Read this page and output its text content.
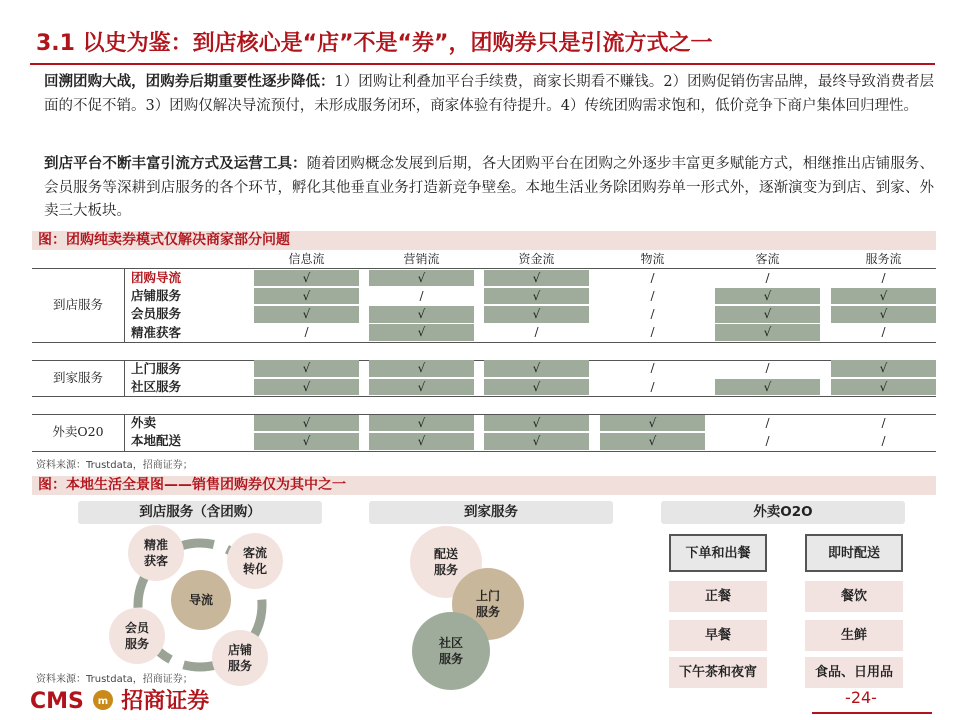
3.1 以史为鉴：到店核心是“店”不是“券”，团购券只是引流方式之一
回溯团购大战，团购券后期重要性逐步降低：1）团购让利叠加平台手续费，商家长期看不赚钱。2）团购促销伤害品牌，最终导致消费者层面的不促不销。3）团购仅解决导流预付，未形成服务闭环，商家体验有待提升。4）传统团购需求饱和，低价竞争下商户集体回归理性。
到店平台不断丰富引流方式及运营工具：随着团购概念发展到后期，各大团购平台在团购之外逐步丰富更多赋能方式，相继推出店铺服务、会员服务等深耕到店服务的各个环节，孵化其他垂直业务打造新竞争壁垒。本地生活业务除团购券单一形式外，逐渐演变为到店、到家、外卖三大板块。
图：团购纯卖券模式仅解决商家部分问题
信息流	营销流	资金流	物流	客流	服务流
团购导流	√	√	√	/	/	/
店铺服务	√	/	√	/	√	√
会员服务	√	√	√	/	√	√
精准获客	/	√	/	/	√	/
到店服务
上门服务	√	√	√	/	/	√
社区服务	√	√	√	/	√	√
到家服务
外卖	√	√	√	√	/	/
本地配送	√	√	√	√	/	/
外卖O20
资料来源：Trustdata，招商证券；
图：本地生活全景图——销售团购券仅为其中之一
到店服务（含团购）	到家服务	外卖O2O
导流
精准
获客
客流
转化
会员
服务	店铺
服务
配送
服务
上门
服务
社区
服务
下单和出餐	即时配送
正餐
早餐
下午茶和夜宵
餐饮
生鲜
食品、日用品
资料来源：Trustdata，招商证券；
CMS m 招商证券	-24-
